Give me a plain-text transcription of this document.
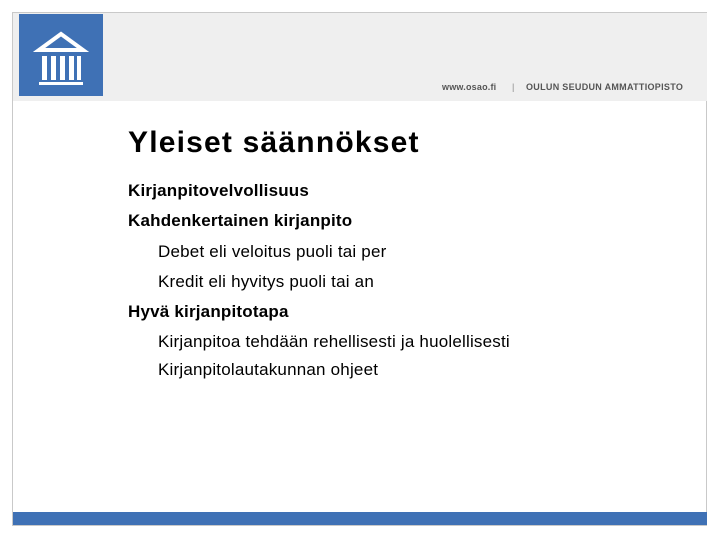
www.osao.fi | OULUN SEUDUN AMMATTIOPISTO
Yleiset säännökset
Kirjanpitovelvollisuus
Kahdenkertainen kirjanpito
Debet eli veloitus puoli tai per
Kredit eli hyvitys puoli tai an
Hyvä kirjanpitotapa
Kirjanpitoa tehdään rehellisesti ja huolellisesti
Kirjanpitolautakunnan ohjeet
